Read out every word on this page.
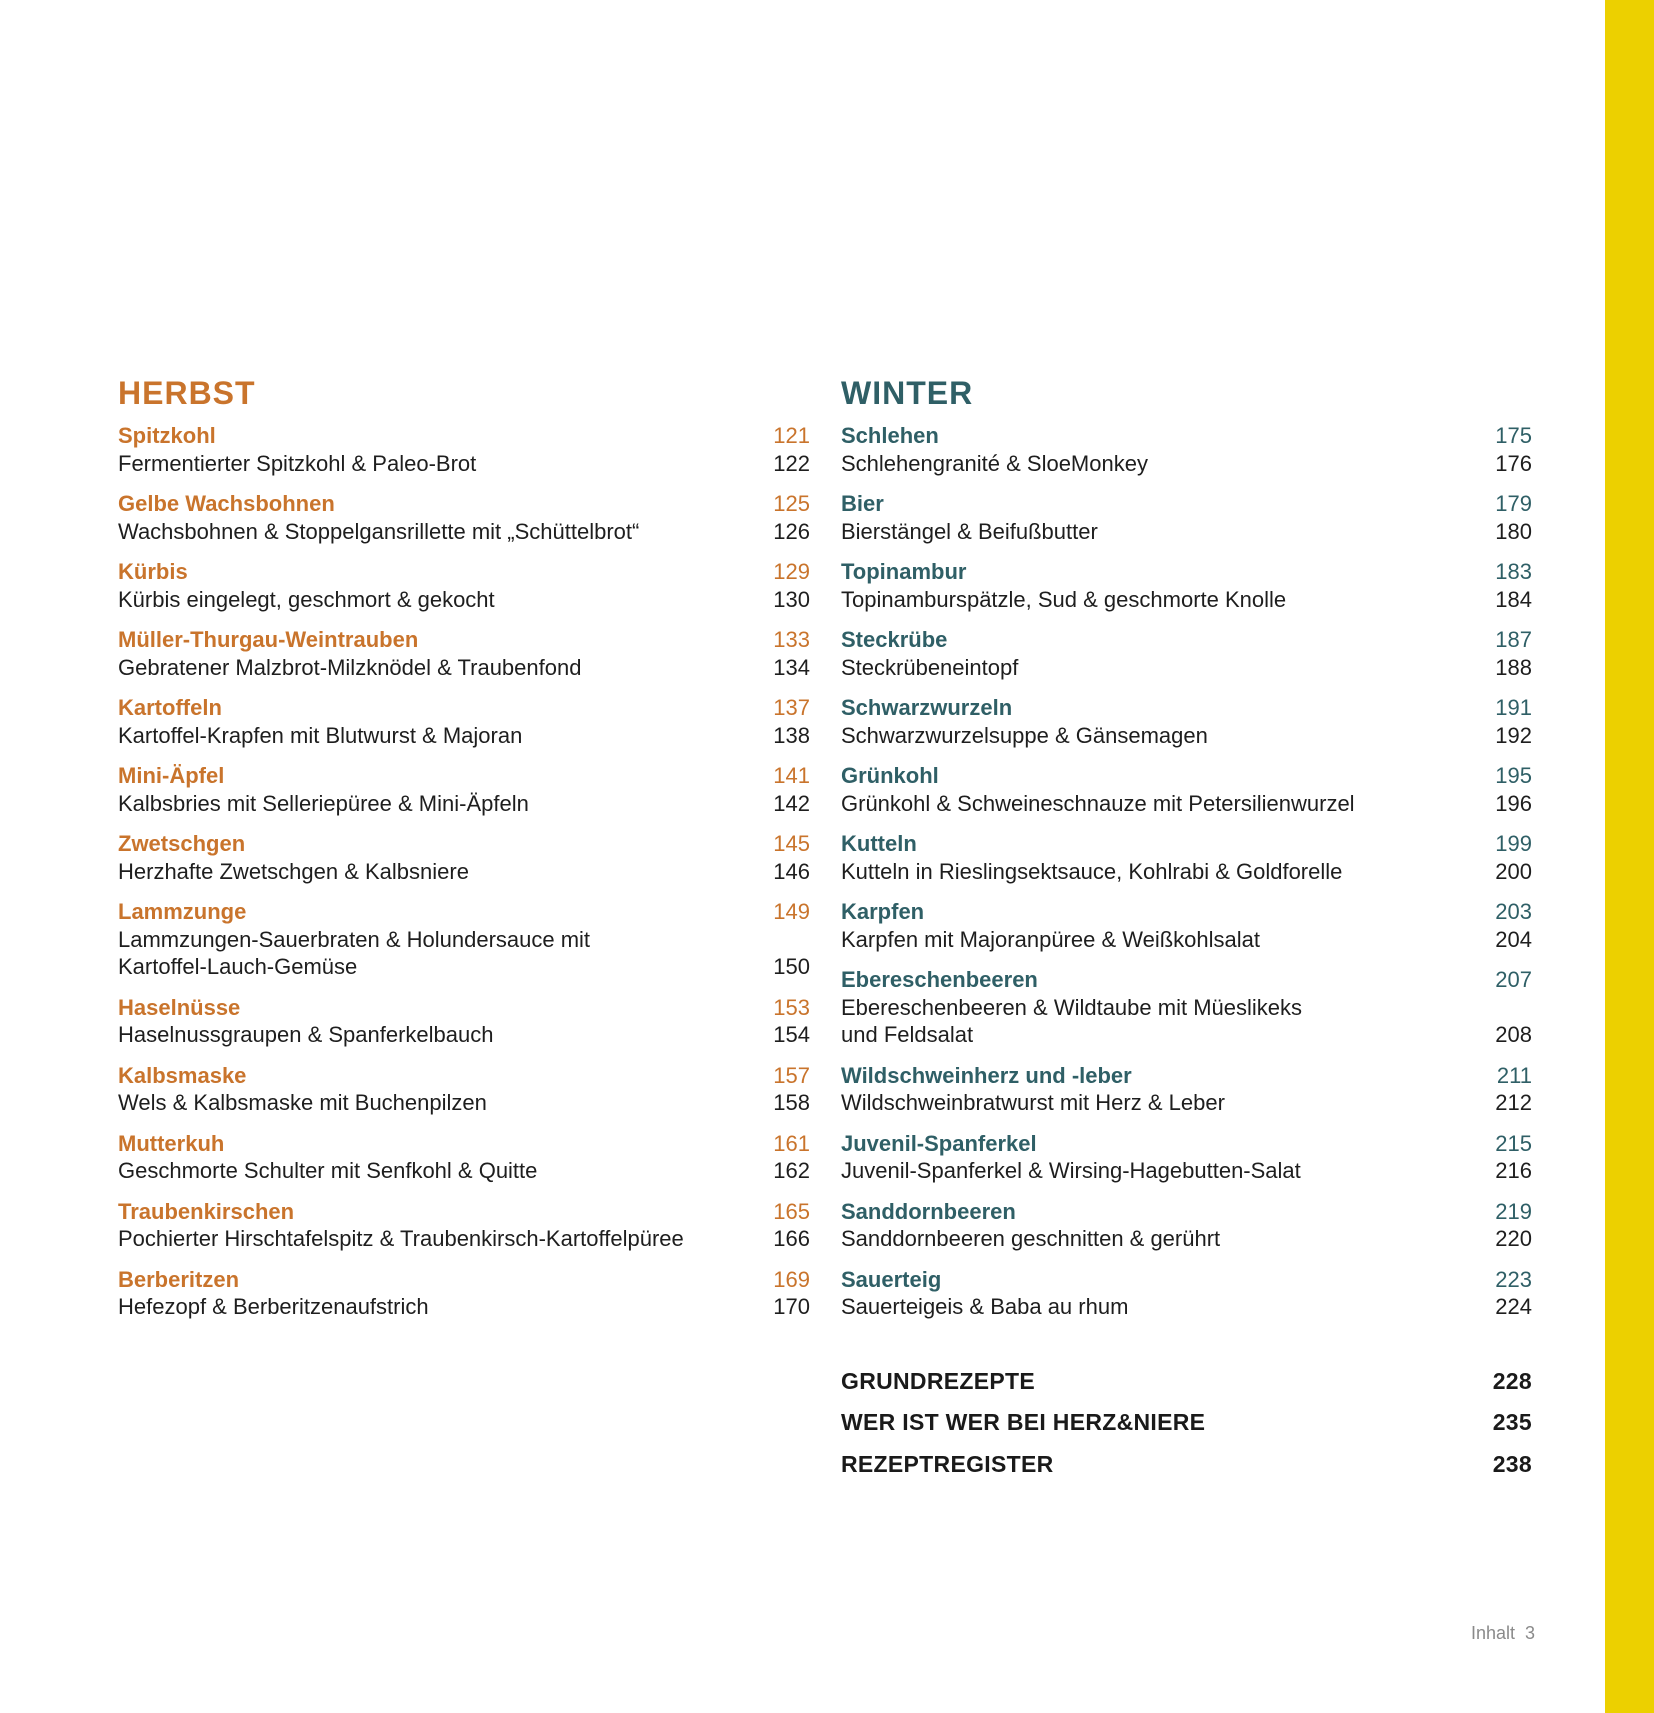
HERBST
Spitzkohl	121
Fermentierter Spitzkohl & Paleo-Brot	122
Gelbe Wachsbohnen	125
Wachsbohnen & Stoppelgansrillette mit „Schüttelbrot“	126
Kürbis	129
Kürbis eingelegt, geschmort & gekocht	130
Müller-Thurgau-Weintrauben	133
Gebratener Malzbrot-Milzknödel & Traubenfond	134
Kartoffeln	137
Kartoffel-Krapfen mit Blutwurst & Majoran	138
Mini-Äpfel	141
Kalbsbries mit Selleriepüree & Mini-Äpfeln	142
Zwetschgen	145
Herzhafte Zwetschgen & Kalbsniere	146
Lammzunge	149
Lammzungen-Sauerbraten & Holundersauce mit
Kartoffel-Lauch-Gemüse	150
Haselnüsse	153
Haselnussgraupen & Spanferkelbauch	154
Kalbsmaske	157
Wels & Kalbsmaske mit Buchenpilzen	158
Mutterkuh	161
Geschmorte Schulter mit Senfkohl & Quitte	162
Traubenkirschen	165
Pochierter Hirschtafelspitz & Traubenkirsch-Kartoffelpüree	166
Berberitzen	169
Hefezopf & Berberitzenaufstrich	170
WINTER
Schlehen	175
Schlehengranité & SloeMonkey	176
Bier	179
Bierstängel & Beifußbutter	180
Topinambur	183
Topinamburspätzle, Sud & geschmorte Knolle	184
Steckrübe	187
Steckrübeneintopf	188
Schwarzwurzeln	191
Schwarzwurzelsuppe & Gänsemagen	192
Grünkohl	195
Grünkohl & Schweineschnauze mit Petersilienwurzel	196
Kutteln	199
Kutteln in Rieslingsektsauce, Kohlrabi & Goldforelle	200
Karpfen	203
Karpfen mit Majoranpüree & Weißkohlsalat	204
Ebereschenbeeren	207
Ebereschenbeeren & Wildtaube mit Müeslikeks
und Feldsalat	208
Wildschweinherz und -leber	211
Wildschweinbratwurst mit Herz & Leber	212
Juvenil-Spanferkel	215
Juvenil-Spanferkel & Wirsing-Hagebutten-Salat	216
Sanddornbeeren	219
Sanddornbeeren geschnitten & gerührt	220
Sauerteig	223
Sauerteigeis & Baba au rhum	224
GRUNDREZEPTE	228
WER IST WER BEI HERZ&NIERE	235
REZEPTREGISTER	238
Inhalt 3
